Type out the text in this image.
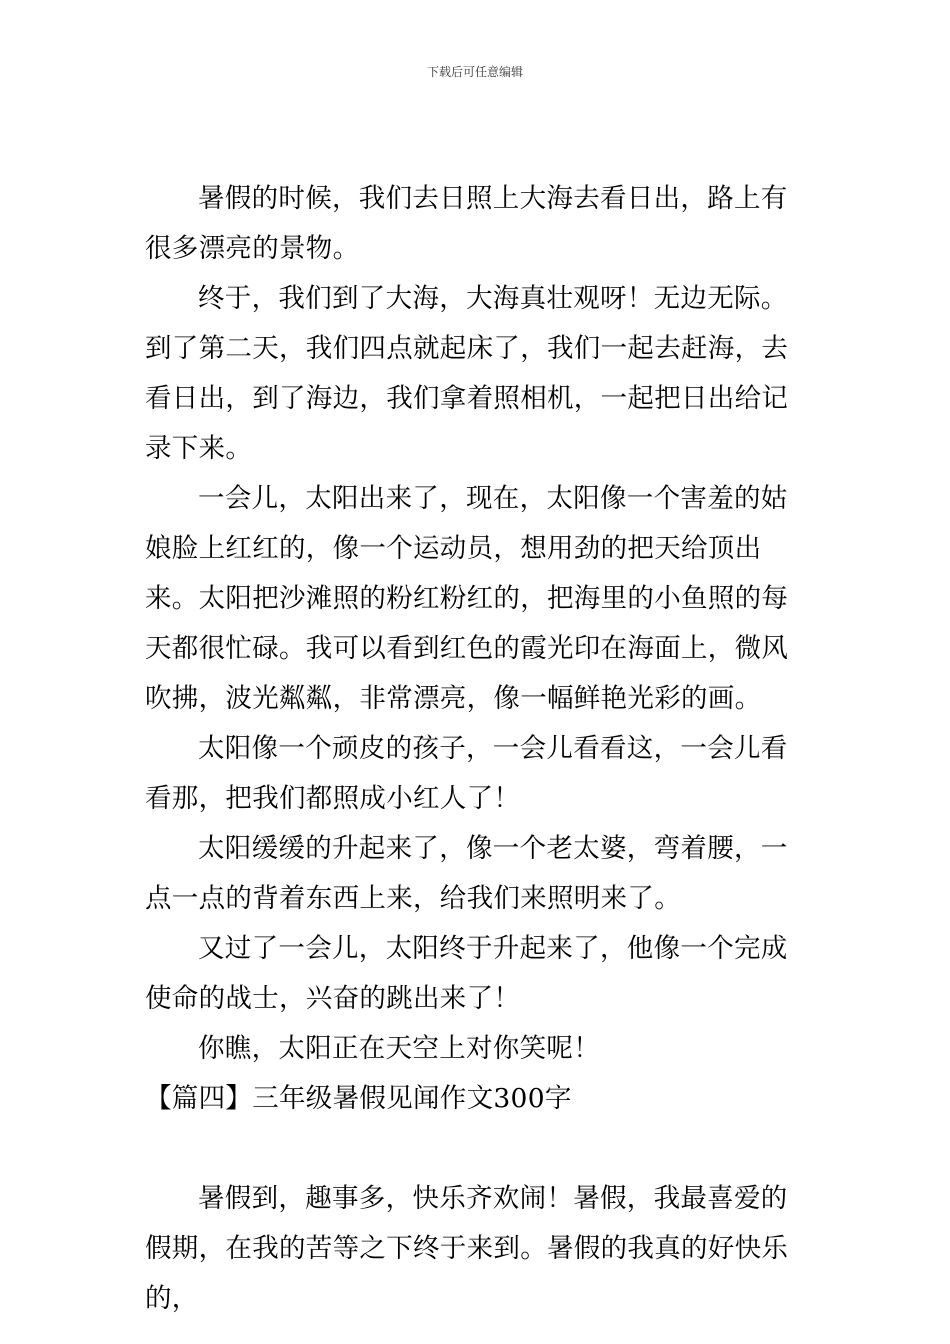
下载后可任意编辑

暑假的时候，我们去日照上大海去看日出，路上有很多漂亮的景物。

终于，我们到了大海，大海真壮观呀！无边无际。到了第二天，我们四点就起床了，我们一起去赶海，去看日出，到了海边，我们拿着照相机，一起把日出给记录下来。

一会儿，太阳出来了，现在，太阳像一个害羞的姑娘脸上红红的，像一个运动员，想用劲的把天给顶出来。太阳把沙滩照的粉红粉红的，把海里的小鱼照的每天都很忙碌。我可以看到红色的霞光印在海面上，微风吹拂，波光粼粼，非常漂亮，像一幅鲜艳光彩的画。

太阳像一个顽皮的孩子，一会儿看看这，一会儿看看那，把我们都照成小红人了！

太阳缓缓的升起来了，像一个老太婆，弯着腰，一点一点的背着东西上来，给我们来照明来了。

又过了一会儿，太阳终于升起来了，他像一个完成使命的战士，兴奋的跳出来了！

你瞧，太阳正在天空上对你笑呢！

【篇四】三年级暑假见闻作文300字

暑假到，趣事多，快乐齐欢闹！暑假，我最喜爱的假期，在我的苦等之下终于来到。暑假的我真的好快乐的，
